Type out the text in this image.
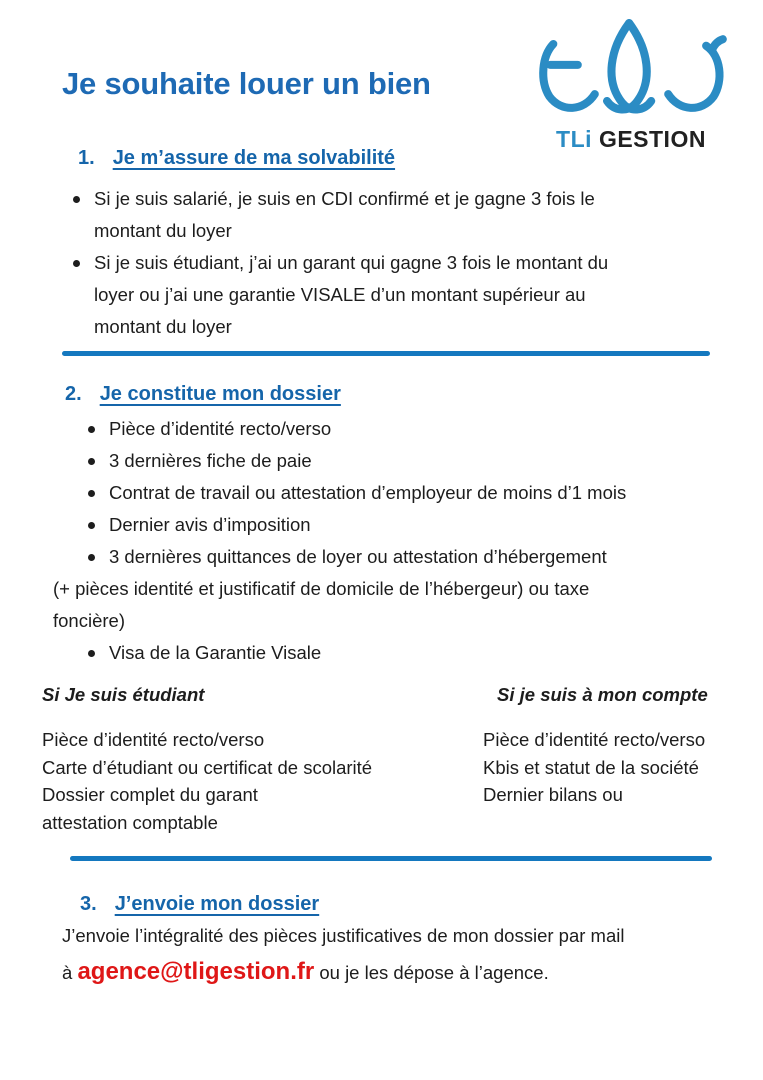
Je souhaite louer un bien
TLi GESTION
1. Je m’assure de ma solvabilité
Si je suis salarié, je suis en CDI confirmé et je gagne 3 fois le
montant du loyer
Si je suis étudiant, j’ai un garant qui gagne 3 fois le montant du
loyer ou j’ai une garantie VISALE d’un montant supérieur au
montant du loyer
2. Je constitue mon dossier
Pièce d’identité recto/verso
3 dernières fiche de paie
Contrat de travail ou attestation d’employeur de moins d’1 mois
Dernier avis d’imposition
3 dernières quittances de loyer ou attestation d’hébergement

(+ pièces identité et justificatif de domicile de l’hébergeur) ou taxe
foncière)

Visa de la Garantie Visale
Si Je suis étudiant
Pièce d’identité recto/verso
Carte d’étudiant ou certificat de scolarité
Dossier complet du garant
attestation comptable
Si je suis à mon compte
Pièce d’identité recto/verso
Kbis et statut de la société
Dernier bilans ou
3. J’envoie mon dossier
J’envoie l’intégralité des pièces justificatives de mon dossier par mail
à agence@tligestion.fr ou je les dépose à l’agence.
